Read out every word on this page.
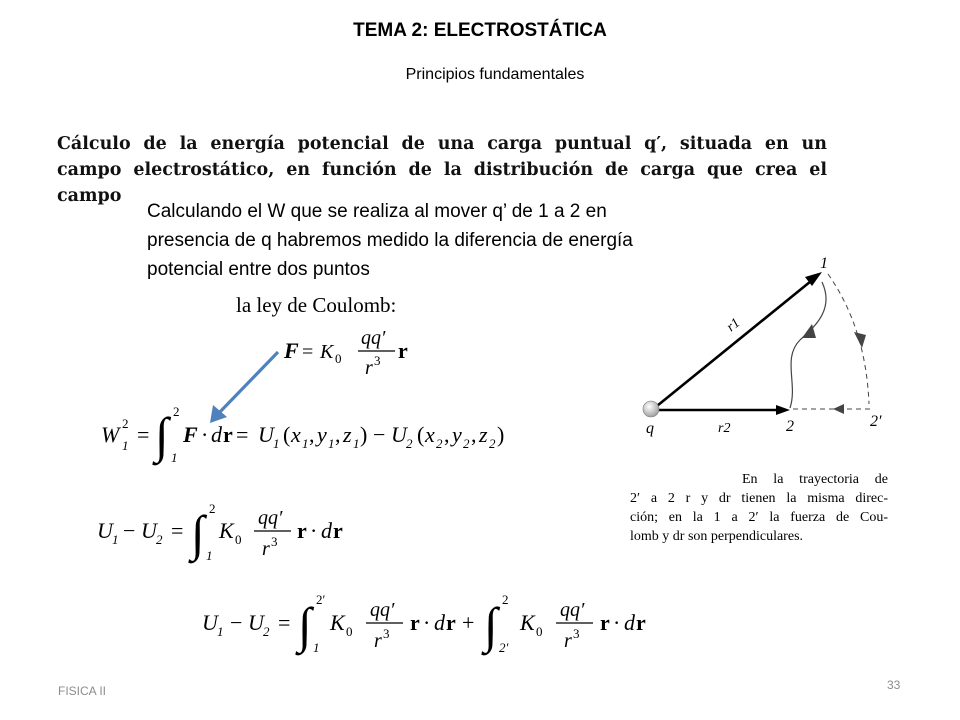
TEMA 2: ELECTROSTÁTICA
Principios fundamentales
Cálculo de la energía potencial de una carga puntual q′, situada en un
campo electrostático, en función de la distribución de carga que crea el
campo
Calculando el W que se realiza al mover q’ de 1 a 2 en presencia de q habremos medido la diferencia de energía potencial entre dos puntos
la ley de Coulomb:
F = K 0
qq′
r 3 r
W 1
2 = ∫ 2
1
F · d r = U 1 ( x 1 , y 1 , z 1 ) − U 2 ( x 2 , y 2 , z 2 )
U 1 − U 2 = ∫ 2
1
K 0
qq′
r 3 r · d r
U 1 − U 2 = ∫ 2′
1
K 0
qq′
r 3 r · d r + ∫ 2
2′
K 0
qq′
r 3 r · d r
q
1
2	2′
r1
r2
En la trayectoria de
2′ a 2 r y dr tienen la misma direc-
ción; en la 1 a 2′ la fuerza de Cou-
lomb y dr son perpendiculares.
FISICA II	33
